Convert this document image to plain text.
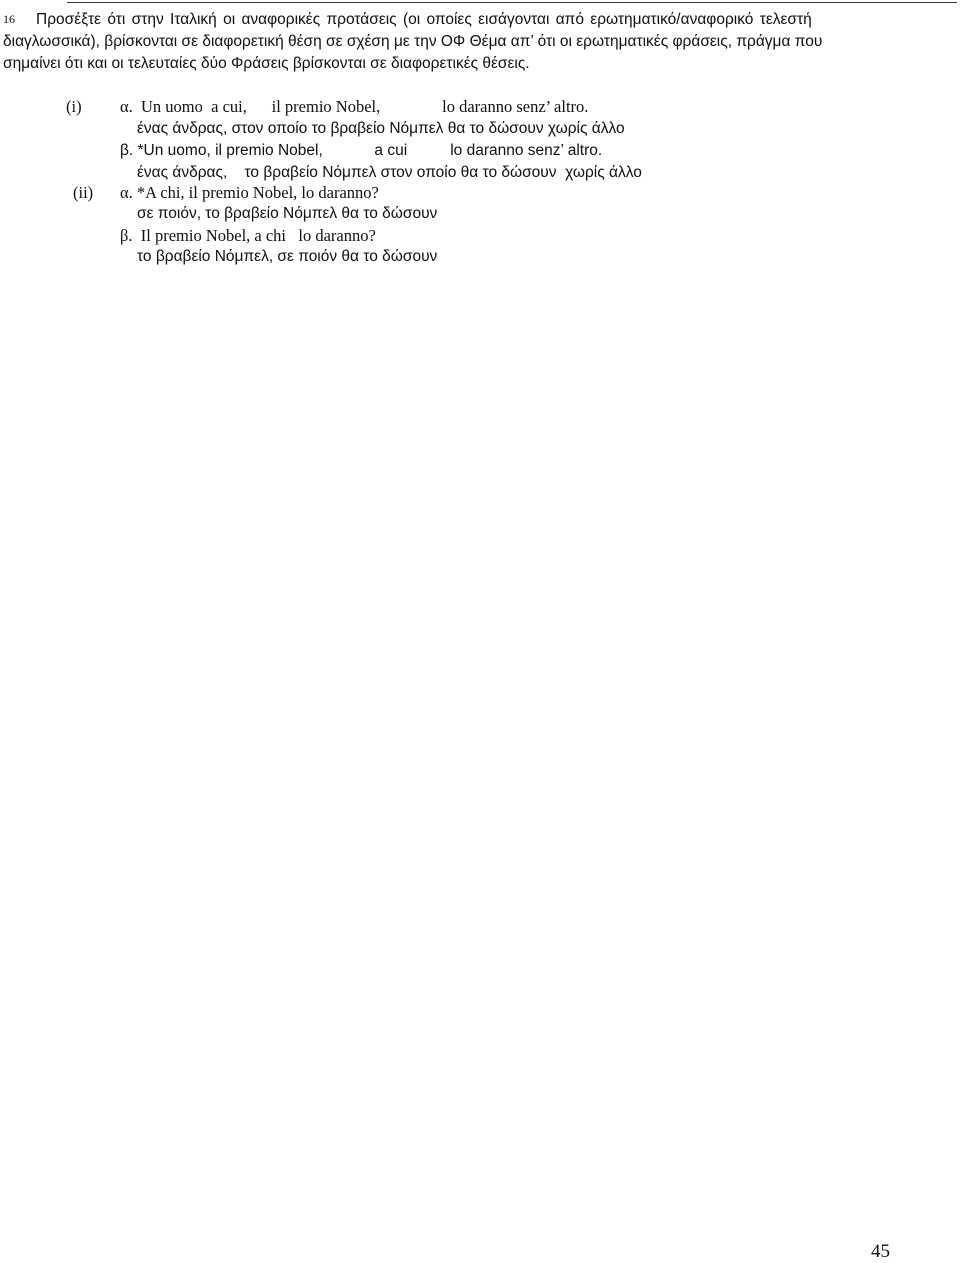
16 Προσέξτε ότι στην Ιταλική οι αναφορικές προτάσεις (οι οποίες εισάγονται από ερωτηματικό/αναφορικό τελεστή
διαγλωσσικά), βρίσκονται σε διαφορετική θέση σε σχέση με την ΟΦ Θέμα απ’ ότι οι ερωτηματικές φράσεις, πράγμα που
σημαίνει ότι και οι τελευταίες δύο Φράσεις βρίσκονται σε διαφορετικές θέσεις.
(i) α.  Un uomo  a cui,      il premio Nobel,               lo daranno senz’ altro.
ένας άνδρας, στον οποίο το βραβείο Νόμπελ θα το δώσουν χωρίς άλλο
β. *Un uomo, il premio Nobel,            a cui          lo daranno senz’ altro.
ένας άνδρας,    το βραβείο Νόμπελ στον οποίο θα το δώσουν  χωρίς άλλο
(ii) α. *A chi, il premio Nobel, lo daranno?
σε ποιόν, το βραβείο Νόμπελ θα το δώσουν
β.  Il premio Nobel, a chi   lo daranno?
το βραβείο Νόμπελ, σε ποιόν θα το δώσουν
45
